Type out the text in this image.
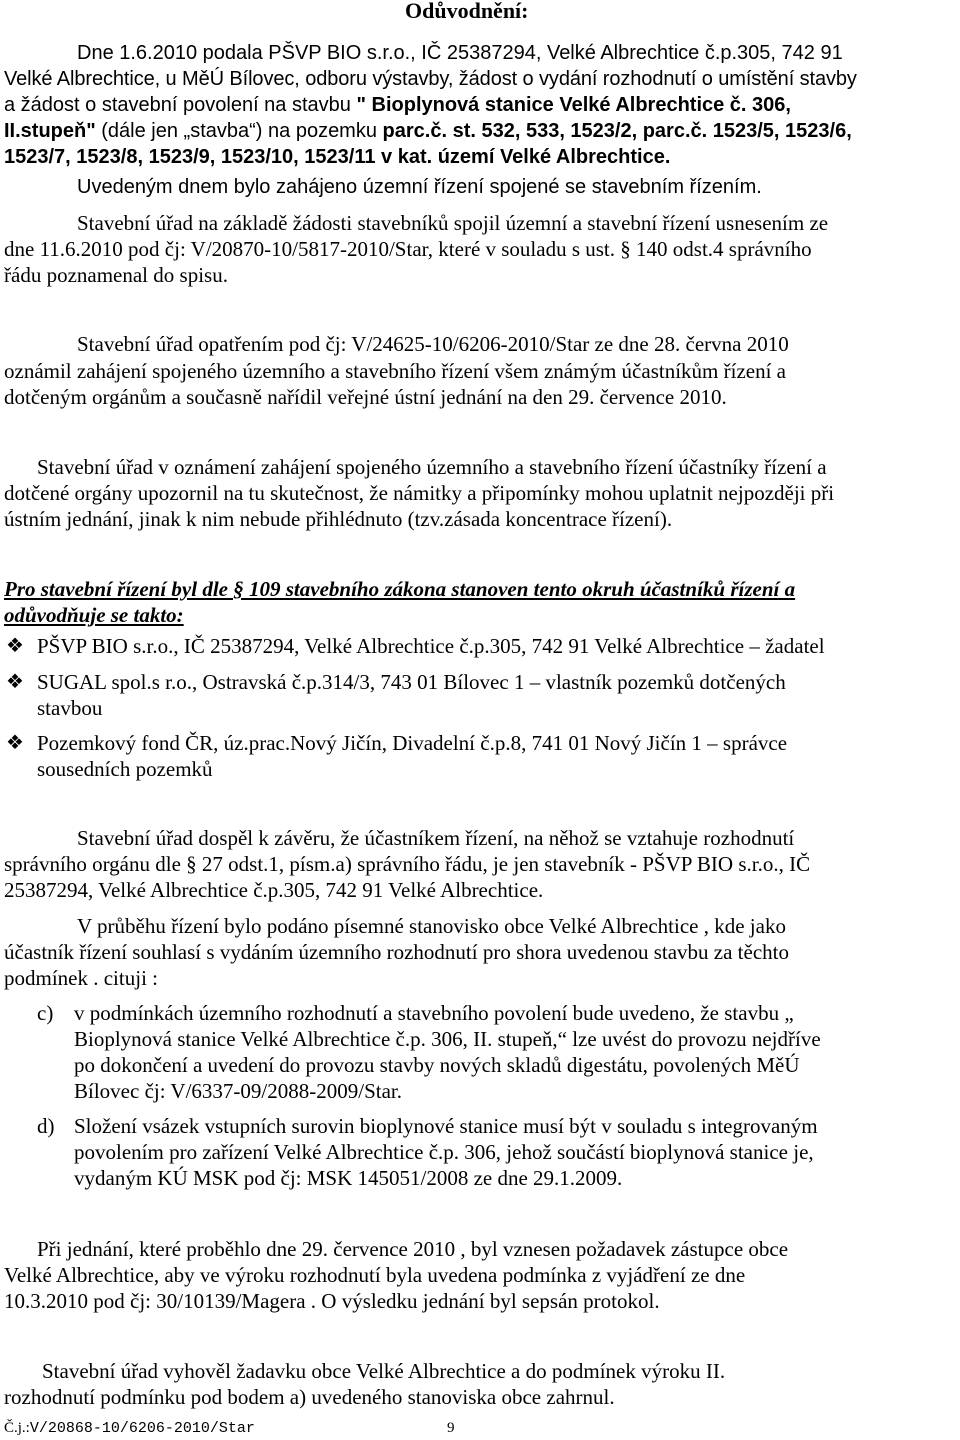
Odůvodnění:
Dne 1.6.2010 podala PŠVP BIO s.r.o., IČ 25387294, Velké Albrechtice č.p.305, 742 91
Velké Albrechtice, u MěÚ Bílovec, odboru výstavby, žádost o vydání rozhodnutí o umístění stavby
a žádost o stavební povolení na stavbu " Bioplynová stanice Velké Albrechtice č. 306,
II.stupeň" (dále jen „stavba“) na pozemku parc.č. st. 532, 533, 1523/2, parc.č. 1523/5, 1523/6,
1523/7, 1523/8, 1523/9, 1523/10, 1523/11 v kat. území Velké Albrechtice.
Uvedeným dnem bylo zahájeno územní řízení spojené se stavebním řízením.
Stavební úřad na základě žádosti stavebníků spojil územní a stavební řízení usnesením ze
dne 11.6.2010 pod čj: V/20870-10/5817-2010/Star, které v souladu s ust. § 140 odst.4 správního
řádu poznamenal do spisu.
Stavební úřad opatřením pod čj: V/24625-10/6206-2010/Star ze dne 28. června 2010
oznámil zahájení spojeného územního a stavebního řízení všem známým účastníkům řízení a
dotčeným orgánům a současně nařídil veřejné ústní jednání na den 29. července 2010.
Stavební úřad v oznámení zahájení spojeného územního a stavebního řízení účastníky řízení a
dotčené orgány upozornil na tu skutečnost, že námitky a připomínky mohou uplatnit nejpozději při
ústním jednání, jinak k nim nebude přihlédnuto (tzv.zásada koncentrace řízení).
Pro stavební řízení byl dle § 109 stavebního zákona stanoven tento okruh účastníků řízení a
odůvodňuje se takto:
❖ PŠVP BIO s.r.o., IČ 25387294, Velké Albrechtice č.p.305, 742 91 Velké Albrechtice – žadatel
❖ SUGAL spol.s r.o., Ostravská č.p.314/3, 743 01 Bílovec 1 – vlastník pozemků dotčených
stavbou
❖ Pozemkový fond ČR, úz.prac.Nový Jičín, Divadelní č.p.8, 741 01 Nový Jičín 1 – správce
sousedních pozemků
Stavební úřad dospěl k závěru, že účastníkem řízení, na něhož se vztahuje rozhodnutí
správního orgánu dle § 27 odst.1, písm.a) správního řádu, je jen stavebník - PŠVP BIO s.r.o., IČ
25387294, Velké Albrechtice č.p.305, 742 91 Velké Albrechtice.
V průběhu řízení bylo podáno písemné stanovisko obce Velké Albrechtice , kde jako
účastník řízení souhlasí s vydáním územního rozhodnutí pro shora uvedenou stavbu za těchto
podmínek . cituji :
c) v podmínkách územního rozhodnutí a stavebního povolení bude uvedeno, že stavbu „
Bioplynová stanice Velké Albrechtice č.p. 306, II. stupeň,“ lze uvést do provozu nejdříve
po dokončení a uvedení do provozu stavby nových skladů digestátu, povolených MěÚ
Bílovec čj: V/6337-09/2088-2009/Star.
d) Složení vsázek vstupních surovin bioplynové stanice musí být v souladu s integrovaným
povolením pro zařízení Velké Albrechtice č.p. 306, jehož součástí bioplynová stanice je,
vydaným KÚ MSK pod čj: MSK 145051/2008 ze dne 29.1.2009.
Při jednání, které proběhlo dne 29. července 2010 , byl vznesen požadavek zástupce obce
Velké Albrechtice, aby ve výroku rozhodnutí byla uvedena podmínka z vyjádření ze dne
10.3.2010 pod čj: 30/10139/Magera . O výsledku jednání byl sepsán protokol.
Stavební úřad vyhověl žadavku obce Velké Albrechtice a do podmínek výroku II.
rozhodnutí podmínku pod bodem a) uvedeného stanoviska obce zahrnul.
Č.j.:V/20868-10/6206-2010/Star	9
